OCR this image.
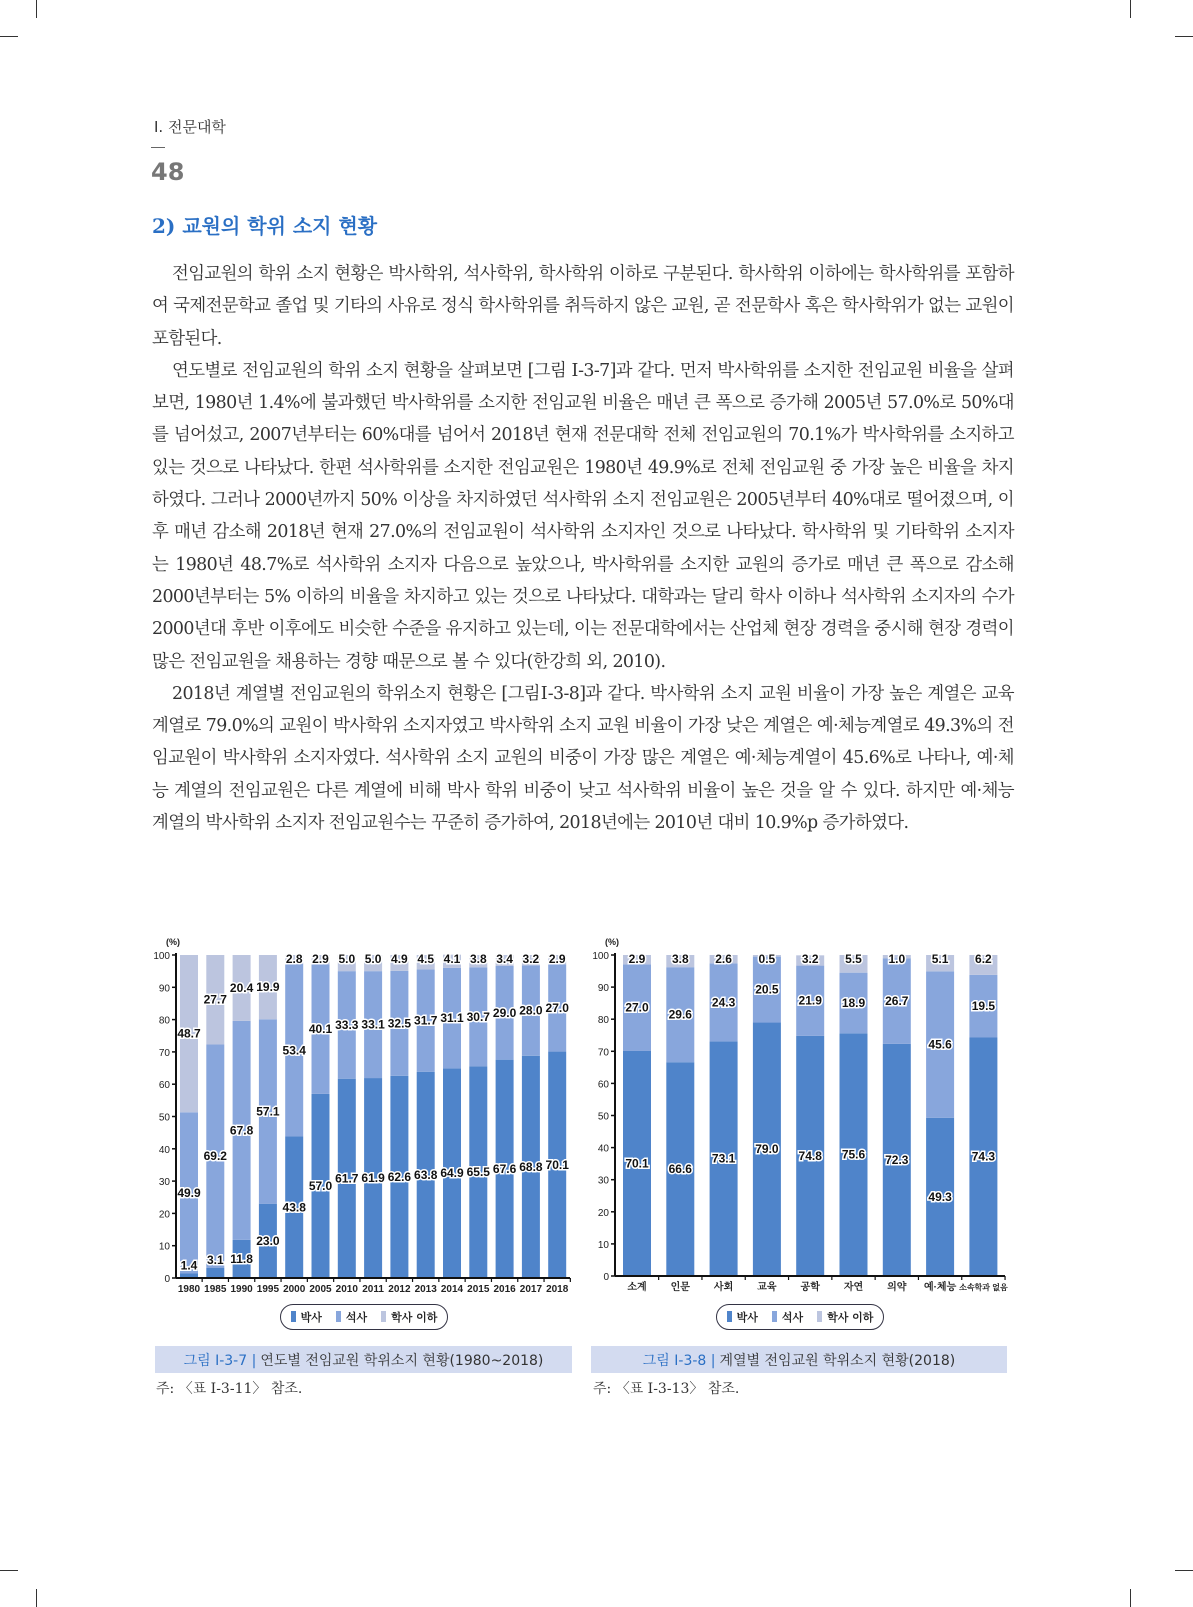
Ⅰ. 전문대학
48
2) 교원의 학위 소지 현황

전임교원의 학위 소지 현황은 박사학위, 석사학위, 학사학위 이하로 구분된다. 학사학위 이하에는 학사학위를 포함하여 국제전문학교 졸업 및 기타의 사유로 정식 학사학위를 취득하지 않은 교원, 곧 전문학사 혹은 학사학위가 없는 교원이 포함된다.

연도별로 전임교원의 학위 소지 현황을 살펴보면 [그림 Ⅰ-3-7]과 같다. 먼저 박사학위를 소지한 전임교원 비율을 살펴보면, 1980년 1.4%에 불과했던 박사학위를 소지한 전임교원 비율은 매년 큰 폭으로 증가해 2005년 57.0%로 50%대를 넘어섰고, 2007년부터는 60%대를 넘어서 2018년 현재 전문대학 전체 전임교원의 70.1%가 박사학위를 소지하고 있는 것으로 나타났다. 한편 석사학위를 소지한 전임교원은 1980년 49.9%로 전체 전임교원 중 가장 높은 비율을 차지하였다. 그러나 2000년까지 50% 이상을 차지하였던 석사학위 소지 전임교원은 2005년부터 40%대로 떨어졌으며, 이후 매년 감소해 2018년 현재 27.0%의 전임교원이 석사학위 소지자인 것으로 나타났다. 학사학위 및 기타학위 소지자는 1980년 48.7%로 석사학위 소지자 다음으로 높았으나, 박사학위를 소지한 교원의 증가로 매년 큰 폭으로 감소해 2000년부터는 5% 이하의 비율을 차지하고 있는 것으로 나타났다. 대학과는 달리 학사 이하나 석사학위 소지자의 수가 2000년대 후반 이후에도 비슷한 수준을 유지하고 있는데, 이는 전문대학에서는 산업체 현장 경력을 중시해 현장 경력이 많은 전임교원을 채용하는 경향 때문으로 볼 수 있다(한강희 외, 2010).

2018년 계열별 전임교원의 학위소지 현황은 [그림Ⅰ-3-8]과 같다. 박사학위 소지 교원 비율이 가장 높은 계열은 교육계열로 79.0%의 교원이 박사학위 소지자였고 박사학위 소지 교원 비율이 가장 낮은 계열은 예·체능계열로 49.3%의 전임교원이 박사학위 소지자였다. 석사학위 소지 교원의 비중이 가장 많은 계열은 예·체능계열이 45.6%로 나타나, 예·체능 계열의 전임교원은 다른 계열에 비해 박사 학위 비중이 낮고 석사학위 비율이 높은 것을 알 수 있다. 하지만 예·체능 계열의 박사학위 소지자 전임교원수는 꾸준히 증가하여, 2018년에는 2010년 대비 10.9%p 증가하였다.

(%)
0
10
20
30
40
50
60
70
80
90
100
1.4
49.9
48.7
1980
3.1
69.2
27.7
1985
11.8
67.8
20.4
1990
23.0
57.1
19.9
1995
43.8
53.4
2.8
2000
57.0
40.1
2.9
2005
61.7
33.3
5.0
2010
61.9
33.1
5.0
2011
62.6
32.5
4.9
2012
63.8
31.7
4.5
2013
64.9
31.1
4.1
2014
65.5
30.7
3.8
2015
67.6
29.0
3.4
2016
68.8
28.0
3.2
2017
70.1
27.0
2.9
2018
(%)
0
10
20
30
40
50
60
70
80
90
100
70.1
27.0
2.9
소계
66.6
29.6
3.8
인문
73.1
24.3
2.6
사회
79.0
20.5
0.5
교육
74.8
21.9
3.2
공학
75.6
18.9
5.5
자연
72.3
26.7
1.0
의약
49.3
45.6
5.1
예·체능
74.3
19.5
6.2
소속학과 없음
박사	석사	학사 이하	박사	석사	학사 이하
그림 Ⅰ-3-7 | 연도별 전임교원 학위소지 현황(1980~2018)	그림 Ⅰ-3-8 | 계열별 전임교원 학위소지 현황(2018)
주: 〈표 Ⅰ-3-11〉 참조.	주: 〈표 Ⅰ-3-13〉 참조.
